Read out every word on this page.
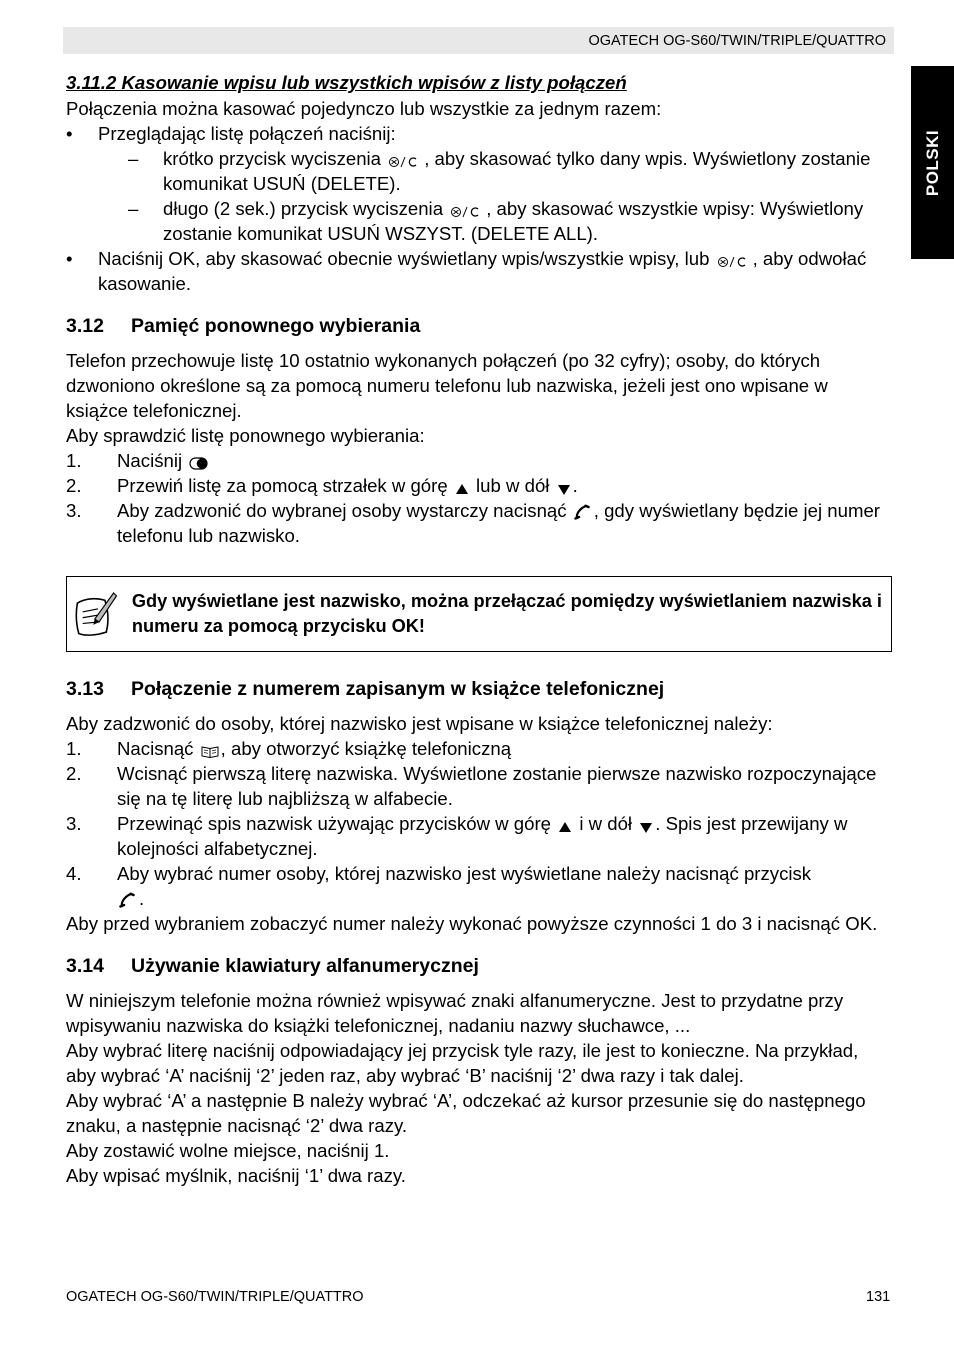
OGATECH OG-S60/TWIN/TRIPLE/QUATTRO
POLSKI

3.11.2 Kasowanie wpisu lub wszystkich wpisów z listy połączeń

Połączenia można kasować pojedynczo lub wszystkie za jednym razem:

•	Przeglądając listę połączeń naciśnij:
–	krótko przycisk wyciszenia , aby skasować tylko dany wpis. Wyświetlony zostanie komunikat USUŃ (DELETE).
–	długo (2 sek.) przycisk wyciszenia , aby skasować wszystkie wpisy: Wyświetlony zostanie komunikat USUŃ WSZYST. (DELETE ALL).
•	Naciśnij OK, aby skasować obecnie wyświetlany wpis/wszystkie wpisy, lub , aby odwołać kasowanie.
3.12	Pamięć ponownego wybierania

Telefon przechowuje listę 10 ostatnio wykonanych połączeń (po 32 cyfry); osoby, do których dzwoniono określone są za pomocą numeru telefonu lub nazwiska, jeżeli jest ono wpisane w książce telefonicznej.

Aby sprawdzić listę ponownego wybierania:

1.	Naciśnij
2.	Przewiń listę za pomocą strzałek w górę lub w dół .
3.	Aby zadzwonić do wybranej osoby wystarczy nacisnąć , gdy wyświetlany będzie jej numer telefonu lub nazwisko.
Gdy wyświetlane jest nazwisko, można przełączać pomiędzy wyświetlaniem nazwiska i numeru za pomocą przycisku OK!
3.13	Połączenie z numerem zapisanym w książce telefonicznej

Aby zadzwonić do osoby, której nazwisko jest wpisane w książce telefonicznej należy:

1.	Nacisnąć , aby otworzyć książkę telefoniczną
2.	Wcisnąć pierwszą literę nazwiska. Wyświetlone zostanie pierwsze nazwisko rozpoczynające się na tę literę lub najbliższą w alfabecie.
3.	Przewinąć spis nazwisk używając przycisków w górę i w dół . Spis jest przewijany w kolejności alfabetycznej.
4.	Aby wybrać numer osoby, której nazwisko jest wyświetlane należy nacisnąć przycisk
.

Aby przed wybraniem zobaczyć numer należy wykonać powyższe czynności 1 do 3 i nacisnąć OK.

3.14	Używanie klawiatury alfanumerycznej

W niniejszym telefonie można również wpisywać znaki alfanumeryczne. Jest to przydatne przy wpisywaniu nazwiska do książki telefonicznej, nadaniu nazwy słuchawce, ...

Aby wybrać literę naciśnij odpowiadający jej przycisk tyle razy, ile jest to konieczne. Na przykład, aby wybrać ‘A’ naciśnij ‘2’ jeden raz, aby wybrać ‘B’ naciśnij ‘2’ dwa razy i tak dalej.

Aby wybrać ‘A’ a następnie B należy wybrać ‘A’, odczekać aż kursor przesunie się do następnego znaku, a następnie nacisnąć ‘2’ dwa razy.

Aby zostawić wolne miejsce, naciśnij 1.

Aby wpisać myślnik, naciśnij ‘1’ dwa razy.

OGATECH OG-S60/TWIN/TRIPLE/QUATTRO	131
